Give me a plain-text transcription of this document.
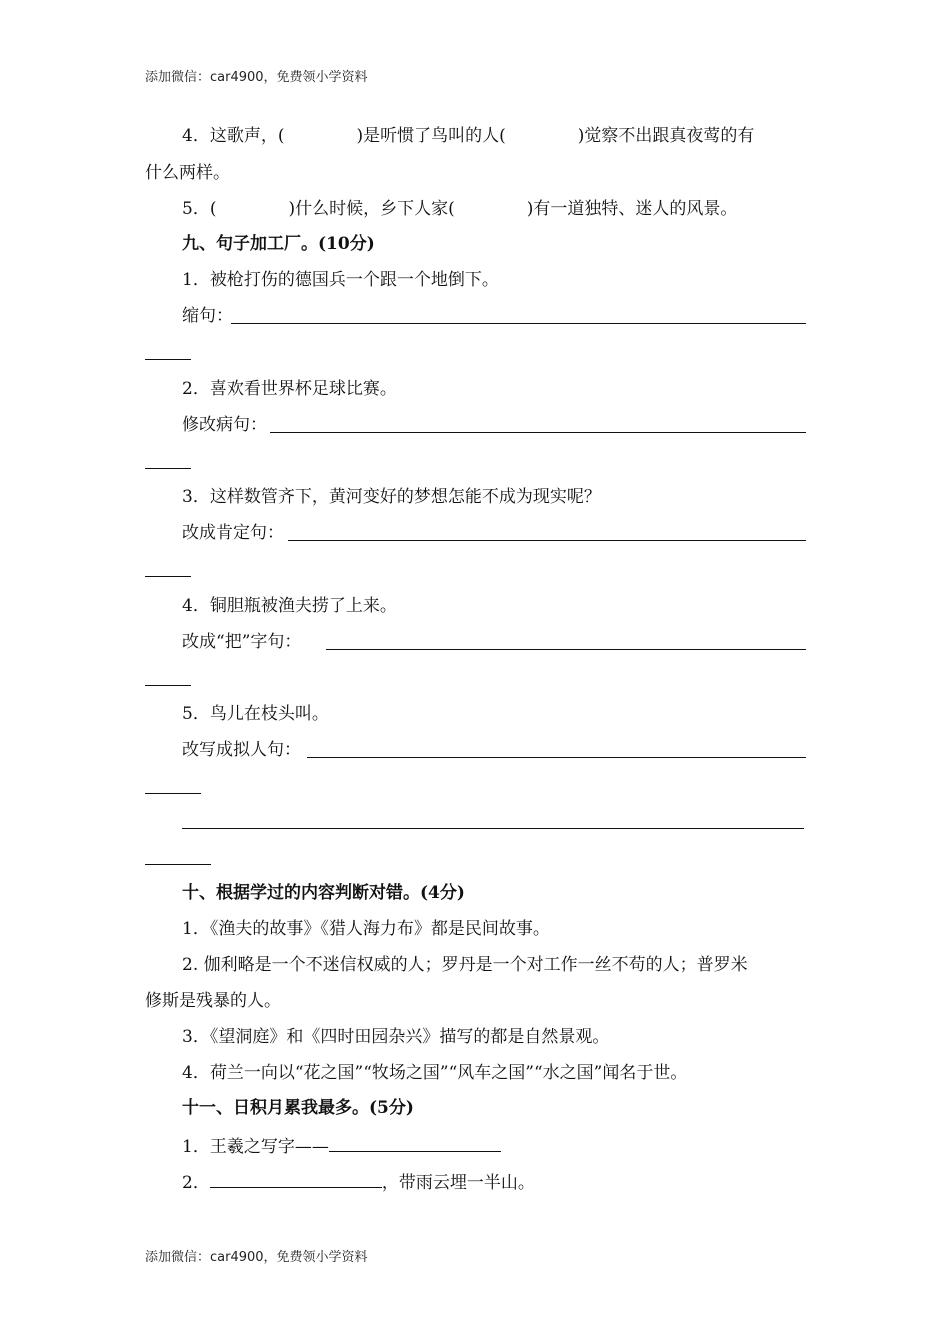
添加微信：car4900，免费领小学资料
4．这歌声，(	)是听惯了鸟叫的人(	)觉察不出跟真夜莺的有
什么两样。
5．(	)什么时候，乡下人家(	)有一道独特、迷人的风景。
九、句子加工厂。(10分)
1．被枪打伤的德国兵一个跟一个地倒下。
缩句：
2．喜欢看世界杯足球比赛。
修改病句：
3．这样数管齐下，黄河变好的梦想怎能不成为现实呢？
改成肯定句：
4．铜胆瓶被渔夫捞了上来。
改成“把”字句：
5．鸟儿在枝头叫。
改写成拟人句：
十、根据学过的内容判断对错。(4分)
1．《渔夫的故事》《猎人海力布》都是民间故事。
2. 伽利略是一个不迷信权威的人；罗丹是一个对工作一丝不苟的人；普罗米
修斯是残暴的人。
3．《望洞庭》和《四时田园杂兴》描写的都是自然景观。
4．荷兰一向以“花之国”“牧场之国”“风车之国”“水之国”闻名于世。
十一、日积月累我最多。(5分)
1．王羲之写字——
2．	，带雨云埋一半山。
添加微信：car4900，免费领小学资料
